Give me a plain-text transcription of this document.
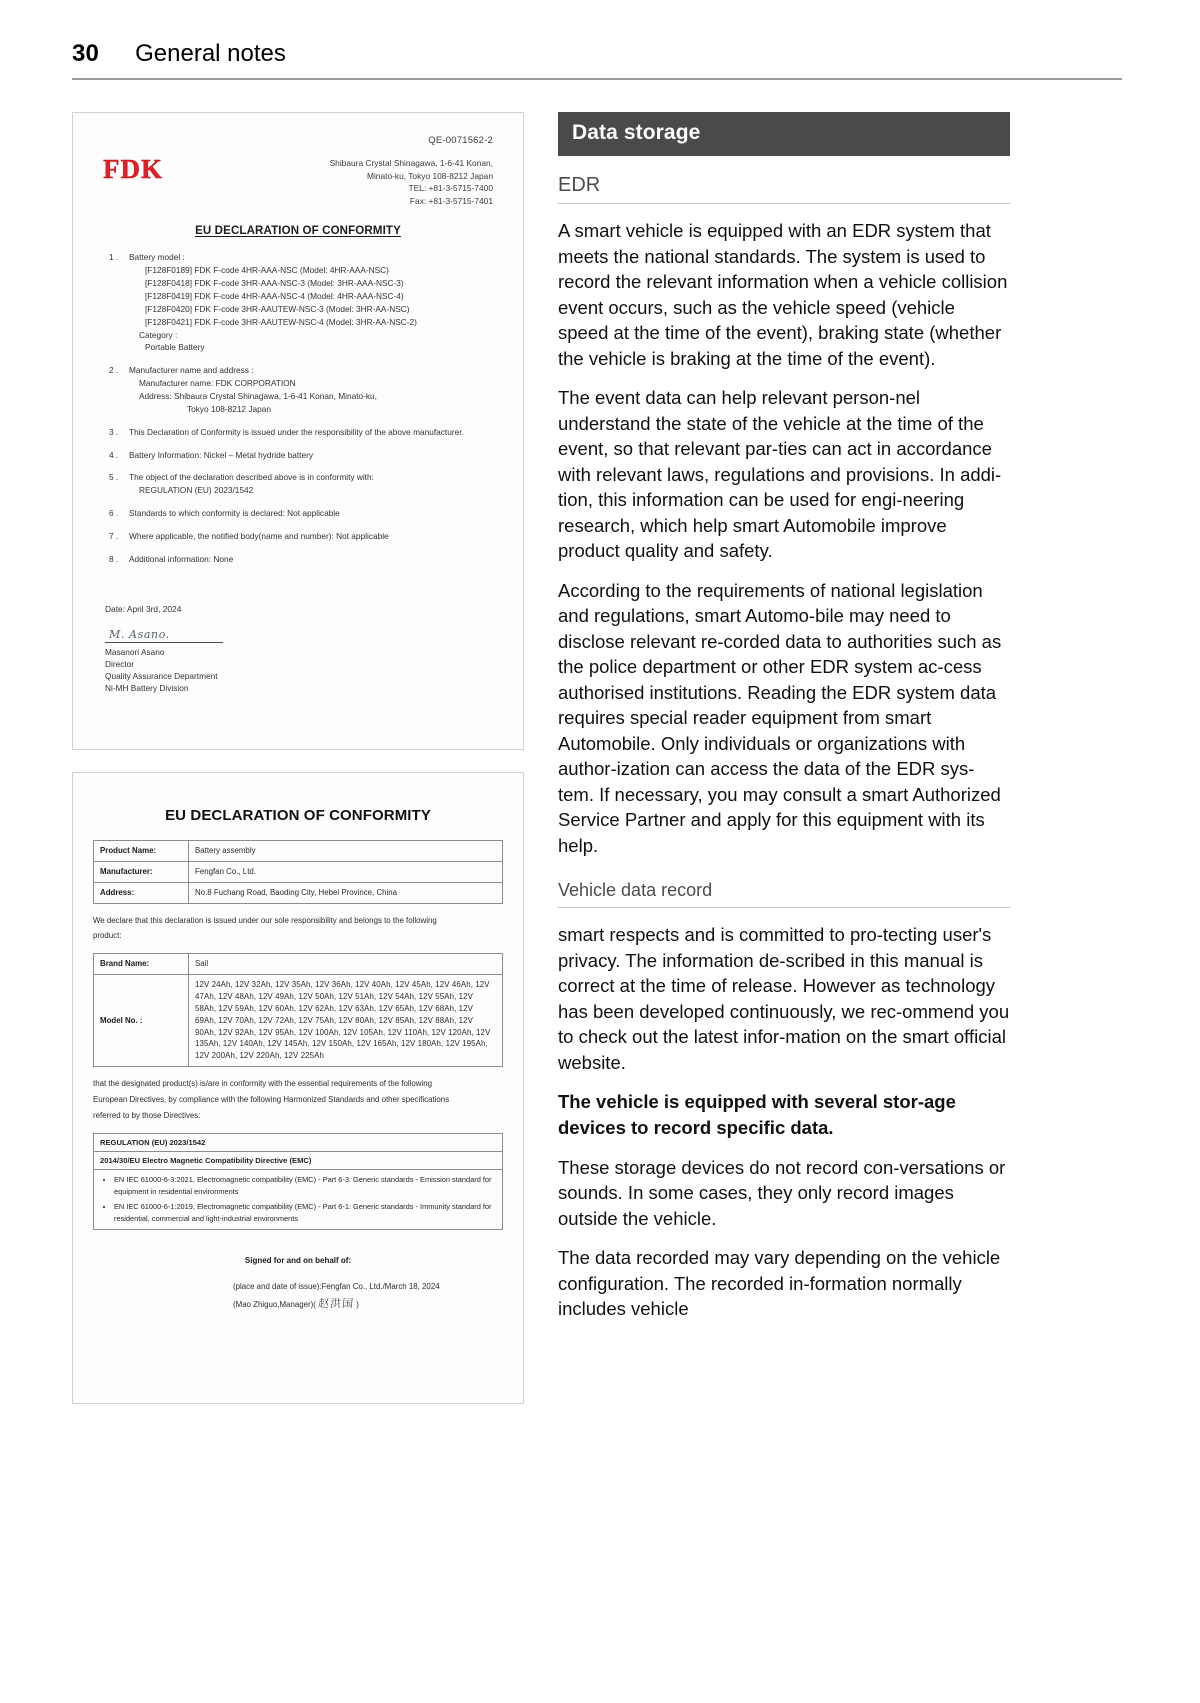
30 General notes
QE-0071562-2
FDK	Shibaura Crystal Shinagawa, 1-6-41 Konan,
Minato-ku, Tokyo 108-8212 Japan
TEL: +81-3-5715-7400
Fax: +81-3-5715-7401
EU DECLARATION OF CONFORMITY
1 .	Battery model :
[F128F0189] FDK F-code 4HR-AAA-NSC (Model: 4HR-AAA-NSC)
[F128F0418] FDK F-code 3HR-AAA-NSC-3 (Model: 3HR-AAA-NSC-3)
[F128F0419] FDK F-code 4HR-AAA-NSC-4 (Model: 4HR-AAA-NSC-4)
[F128F0420] FDK F-code 3HR-AAUTEW-NSC-3 (Model: 3HR-AA-NSC)
[F128F0421] FDK F-code 3HR-AAUTEW-NSC-4 (Model: 3HR-AA-NSC-2)
Category :
Portable Battery
2 .	Manufacturer name and address :
Manufacturer name: FDK CORPORATION
Address: Shibaura Crystal Shinagawa, 1-6-41 Konan, Minato-ku,
Tokyo 108-8212 Japan
3 .	This Declaration of Conformity is issued under the responsibility of the above manufacturer.
4 .	Battery Information: Nickel – Metal hydride battery
5 .	The object of the declaration described above is in conformity with:
REGULATION (EU) 2023/1542
6 .	Standards to which conformity is declared: Not applicable
7 .	Where applicable, the notified body(name and number): Not applicable
8 .	Additional information: None
Date: April 3rd, 2024
M. Asano.
Masanori Asano
Director
Quality Assurance Department
Ni-MH Battery Division
EU DECLARATION OF CONFORMITY
Product Name:	Battery assembly
Manufacturer:	Fengfan Co., Ltd.
Address:	No.8 Fuchang Road, Baoding City, Hebei Province, China
We declare that this declaration is issued under our sole responsibility and belongs to the following
product:
Brand Name:	Sail
Model No. :	12V 24Ah, 12V 32Ah, 12V 35Ah, 12V 36Ah, 12V 40Ah, 12V 45Ah, 12V 46Ah, 12V 47Ah, 12V 48Ah, 12V 49Ah, 12V 50Ah, 12V 51Ah, 12V 54Ah, 12V 55Ah, 12V 58Ah, 12V 59Ah, 12V 60Ah, 12V 62Ah, 12V 63Ah, 12V 65Ah, 12V 68Ah, 12V 69Ah, 12V 70Ah, 12V 72Ah, 12V 75Ah, 12V 80Ah, 12V 85Ah, 12V 88Ah, 12V 90Ah, 12V 92Ah, 12V 95Ah, 12V 100Ah, 12V 105Ah, 12V 110Ah, 12V 120Ah, 12V 135Ah, 12V 140Ah, 12V 145Ah, 12V 150Ah, 12V 165Ah, 12V 180Ah, 12V 195Ah, 12V 200Ah, 12V 220Ah, 12V 225Ah
that the designated product(s) is/are in conformity with the essential requirements of the following
European Directives, by compliance with the following Harmonized Standards and other specifications
referred to by those Directives:
REGULATION (EU) 2023/1542
2014/30/EU Electro Magnetic Compatibility Directive (EMC)

• EN IEC 61000-6-3:2021, Electromagnetic compatibility (EMC) - Part 6-3: Generic standards - Emission standard for equipment in residential environments
• EN IEC 61000-6-1:2019, Electromagnetic compatibility (EMC) - Part 6-1: Generic standards - Immunity standard for residential, commercial and light-industrial environments
Signed for and on behalf of:
(place and date of issue):Fengfan Co., Ltd./March 18, 2024
(Mao Zhiguo,Manager)( 赵洪国 )
Data storage
EDR

A smart vehicle is equipped with an EDR system that meets the national standards. The system is used to record the relevant information when a vehicle collision event occurs, such as the vehicle speed (vehicle speed at the time of the event), braking state (whether the vehicle is braking at the time of the event).

The event data can help relevant person-nel understand the state of the vehicle at the time of the event, so that relevant par-ties can act in accordance with relevant laws, regulations and provisions. In addi-tion, this information can be used for engi-neering research, which help smart Automobile improve product quality and safety.

According to the requirements of national legislation and regulations, smart Automo-bile may need to disclose relevant re-corded data to authorities such as the police department or other EDR system ac-cess authorised institutions. Reading the EDR system data requires special reader equipment from smart Automobile. Only individuals or organizations with author-ization can access the data of the EDR sys-tem. If necessary, you may consult a smart Authorized Service Partner and apply for this equipment with its help.

Vehicle data record

smart respects and is committed to pro-tecting user's privacy. The information de-scribed in this manual is correct at the time of release. However as technology has been developed continuously, we rec-ommend you to check out the latest infor-mation on the smart official website.

The vehicle is equipped with several stor-age devices to record specific data.

These storage devices do not record con-versations or sounds. In some cases, they only record images outside the vehicle.

The data recorded may vary depending on the vehicle configuration. The recorded in-formation normally includes vehicle
